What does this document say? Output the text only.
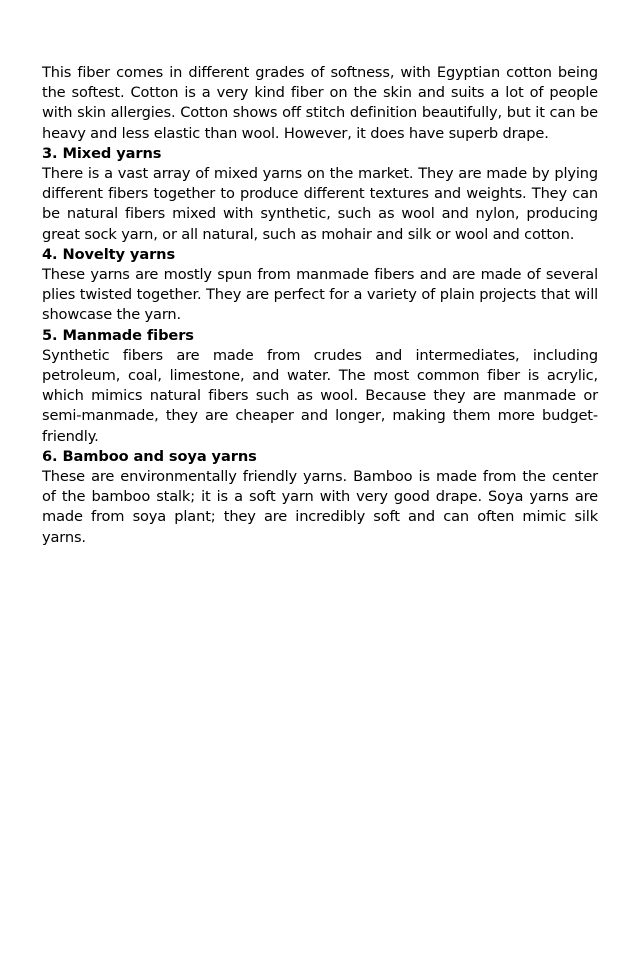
This fiber comes in different grades of softness, with Egyptian cotton being the softest. Cotton is a very kind fiber on the skin and suits a lot of people with skin allergies. Cotton shows off stitch definition beautifully, but it can be heavy and less elastic than wool. However, it does have superb drape.

3. Mixed yarns

There is a vast array of mixed yarns on the market. They are made by plying different fibers together to produce different textures and weights. They can be natural fibers mixed with synthetic, such as wool and nylon, producing great sock yarn, or all natural, such as mohair and silk or wool and cotton.

4. Novelty yarns

These yarns are mostly spun from manmade fibers and are made of several plies twisted together. They are perfect for a variety of plain projects that will showcase the yarn.

5. Manmade fibers

Synthetic fibers are made from crudes and intermediates, including petroleum, coal, limestone, and water. The most common fiber is acrylic, which mimics natural fibers such as wool. Because they are manmade or semi-manmade, they are cheaper and longer, making them more budget-friendly.

6. Bamboo and soya yarns

These are environmentally friendly yarns. Bamboo is made from the center of the bamboo stalk; it is a soft yarn with very good drape. Soya yarns are made from soya plant; they are incredibly soft and can often mimic silk yarns.
